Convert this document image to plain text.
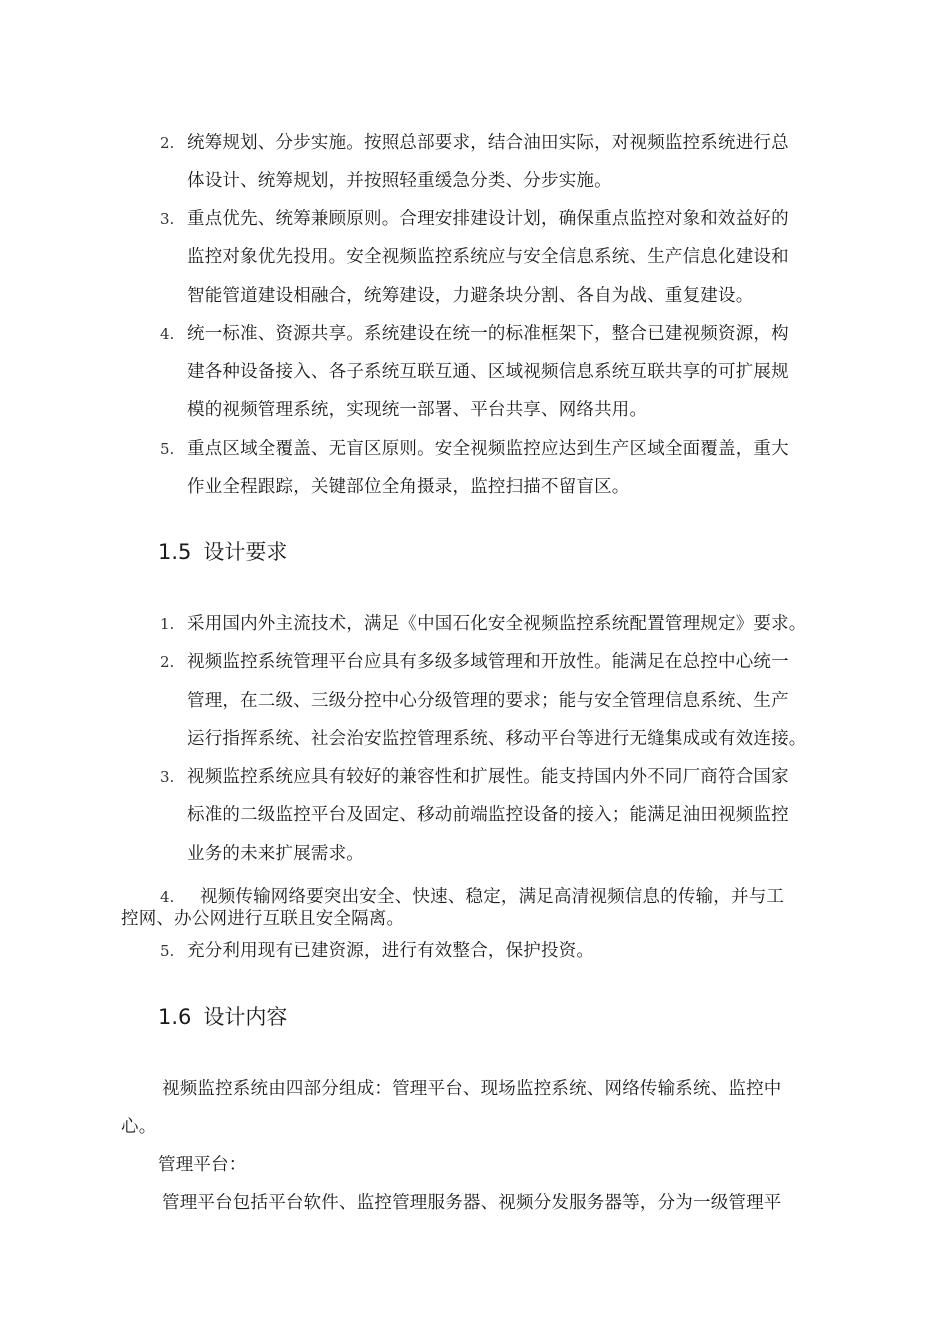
2. 统筹规划、分步实施。按照总部要求，结合油田实际，对视频监控系统进行总
体设计、统筹规划，并按照轻重缓急分类、分步实施。
3. 重点优先、统筹兼顾原则。合理安排建设计划，确保重点监控对象和效益好的
监控对象优先投用。安全视频监控系统应与安全信息系统、生产信息化建设和
智能管道建设相融合，统筹建设，力避条块分割、各自为战、重复建设。
4. 统一标准、资源共享。系统建设在统一的标准框架下，整合已建视频资源，构
建各种设备接入、各子系统互联互通、区域视频信息系统互联共享的可扩展规
模的视频管理系统，实现统一部署、平台共享、网络共用。
5. 重点区域全覆盖、无盲区原则。安全视频监控应达到生产区域全面覆盖，重大
作业全程跟踪，关键部位全角摄录，监控扫描不留盲区。
1.5 设计要求
1. 采用国内外主流技术，满足《中国石化安全视频监控系统配置管理规定》要求。
2. 视频监控系统管理平台应具有多级多域管理和开放性。能满足在总控中心统一
管理，在二级、三级分控中心分级管理的要求；能与安全管理信息系统、生产
运行指挥系统、社会治安监控管理系统、移动平台等进行无缝集成或有效连接。
3. 视频监控系统应具有较好的兼容性和扩展性。能支持国内外不同厂商符合国家
标准的二级监控平台及固定、移动前端监控设备的接入；能满足油田视频监控
业务的未来扩展需求。
4. 视频传输网络要突出安全、快速、稳定，满足高清视频信息的传输，并与工
控网、办公网进行互联且安全隔离。
5. 充分利用现有已建资源，进行有效整合，保护投资。
1.6 设计内容
视频监控系统由四部分组成：管理平台、现场监控系统、网络传输系统、监控中
心。
管理平台：
管理平台包括平台软件、监控管理服务器、视频分发服务器等，分为一级管理平
